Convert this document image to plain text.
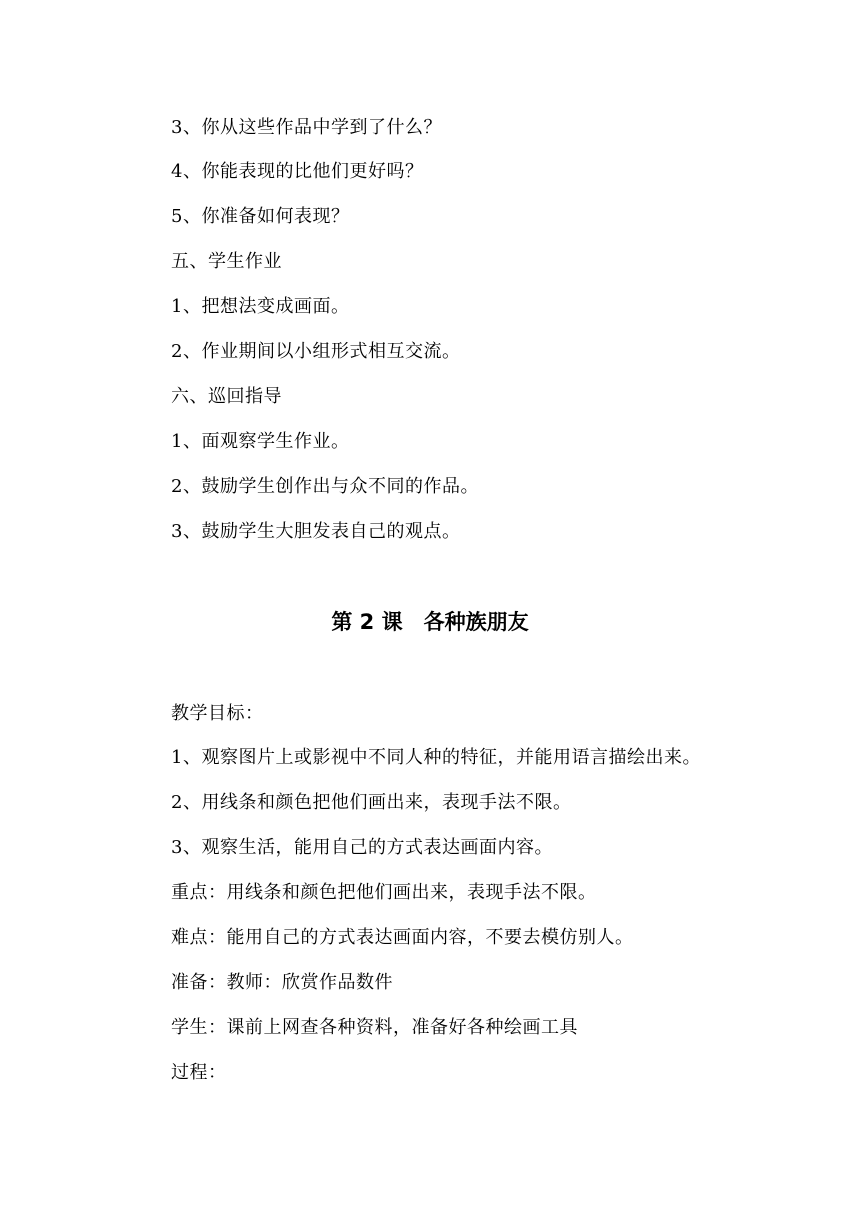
3、你从这些作品中学到了什么？
4、你能表现的比他们更好吗？
5、你准备如何表现？
五、学生作业
1、把想法变成画面。
2、作业期间以小组形式相互交流。
六、巡回指导
1、面观察学生作业。
2、鼓励学生创作出与众不同的作品。
3、鼓励学生大胆发表自己的观点。
第 2 课　各种族朋友
教学目标：
1、观察图片上或影视中不同人种的特征，并能用语言描绘出来。
2、用线条和颜色把他们画出来，表现手法不限。
3、观察生活，能用自己的方式表达画面内容。
重点：用线条和颜色把他们画出来，表现手法不限。
难点：能用自己的方式表达画面内容，不要去模仿别人。
准备：教师：欣赏作品数件
学生：课前上网查各种资料，准备好各种绘画工具
过程：
